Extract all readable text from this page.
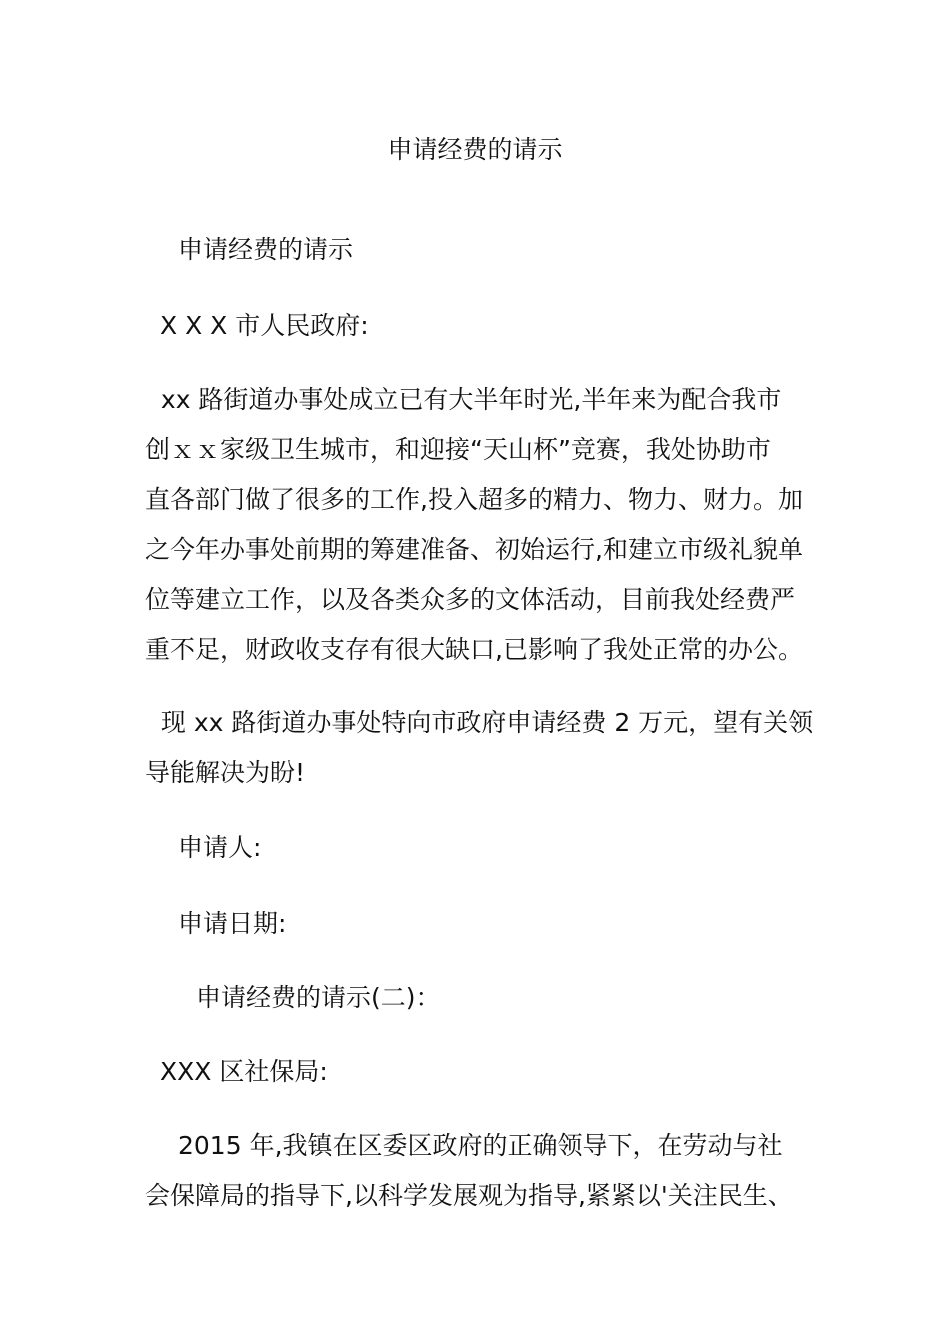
申请经费的请示
申请经费的请示
X X X 市人民政府:
xx 路街道办事处成立已有大半年时光,半年来为配合我市
创ｘｘ家级卫生城市，和迎接“天山杯”竞赛，我处协助市
直各部门做了很多的工作,投入超多的精力、物力、财力。加
之今年办事处前期的筹建准备、初始运行,和建立市级礼貌单
位等建立工作，以及各类众多的文体活动，目前我处经费严
重不足，财政收支存有很大缺口,已影响了我处正常的办公。
现 xx 路街道办事处特向市政府申请经费 2 万元，望有关领
导能解决为盼!
申请人:
申请日期:
申请经费的请示(二)：
XXX 区社保局:
2015 年,我镇在区委区政府的正确领导下，在劳动与社
会保障局的指导下,以科学发展观为指导,紧紧以'关注民生、
